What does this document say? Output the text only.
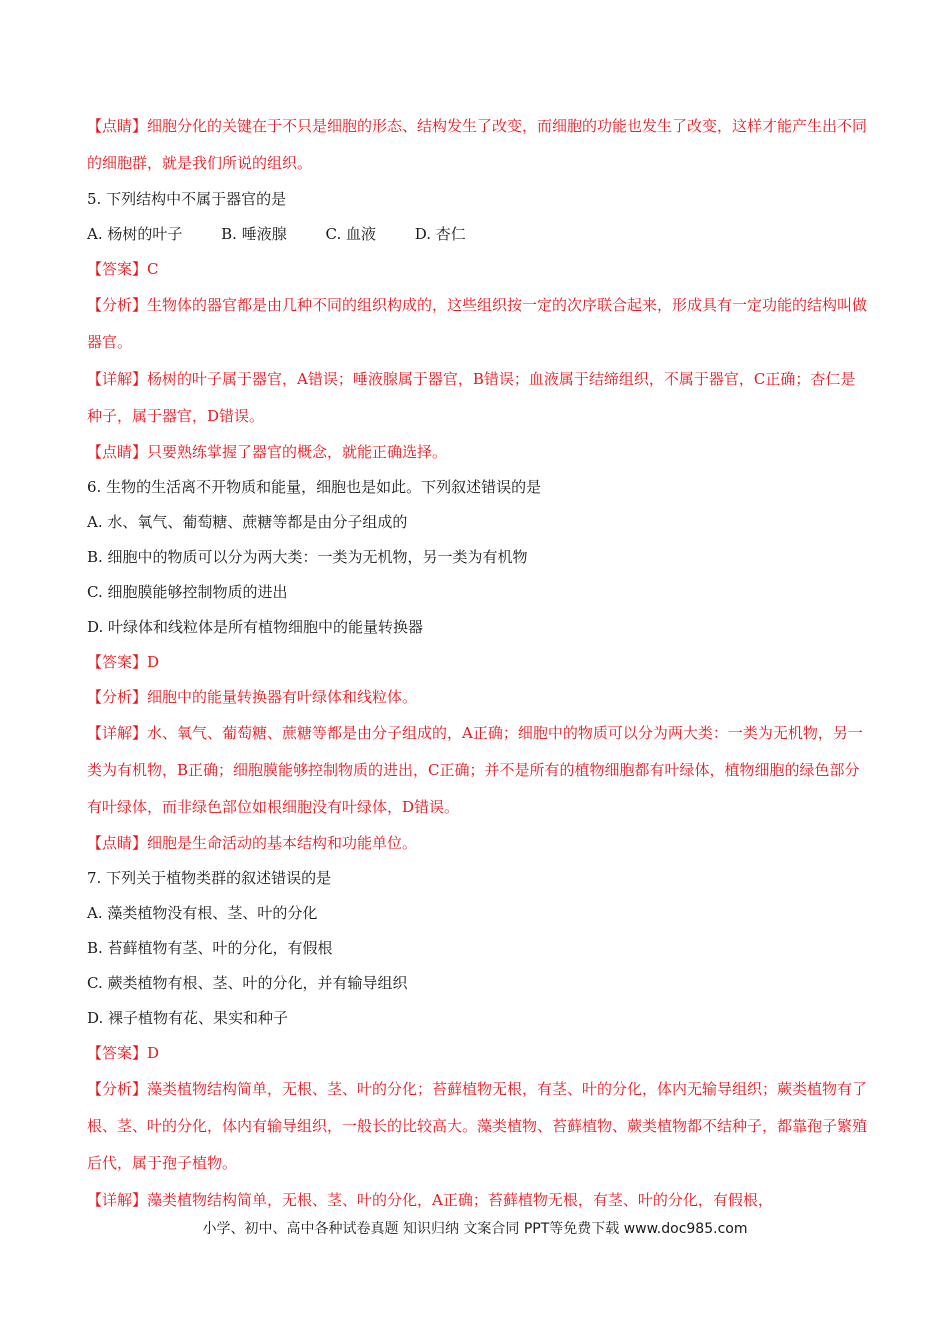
【点睛】细胞分化的关键在于不只是细胞的形态、结构发生了改变，而细胞的功能也发生了改变，这样才能产生出不同的细胞群，就是我们所说的组织。
5. 下列结构中不属于器官的是
A. 杨树的叶子	B. 唾液腺	C. 血液	D. 杏仁
【答案】C
【分析】生物体的器官都是由几种不同的组织构成的，这些组织按一定的次序联合起来，形成具有一定功能的结构叫做器官。
【详解】杨树的叶子属于器官，A错误；唾液腺属于器官，B错误；血液属于结缔组织，不属于器官，C正确；杏仁是种子，属于器官，D错误。
【点睛】只要熟练掌握了器官的概念，就能正确选择。
6. 生物的生活离不开物质和能量，细胞也是如此。下列叙述错误的是
A. 水、氧气、葡萄糖、蔗糖等都是由分子组成的
B. 细胞中的物质可以分为两大类：一类为无机物，另一类为有机物
C. 细胞膜能够控制物质的进出
D. 叶绿体和线粒体是所有植物细胞中的能量转换器
【答案】D
【分析】细胞中的能量转换器有叶绿体和线粒体。
【详解】水、氧气、葡萄糖、蔗糖等都是由分子组成的，A正确；细胞中的物质可以分为两大类：一类为无机物，另一类为有机物，B正确；细胞膜能够控制物质的进出，C正确；并不是所有的植物细胞都有叶绿体，植物细胞的绿色部分有叶绿体，而非绿色部位如根细胞没有叶绿体，D错误。
【点睛】细胞是生命活动的基本结构和功能单位。
7. 下列关于植物类群的叙述错误的是
A. 藻类植物没有根、茎、叶的分化
B. 苔藓植物有茎、叶的分化，有假根
C. 蕨类植物有根、茎、叶的分化，并有输导组织
D. 裸子植物有花、果实和种子
【答案】D
【分析】藻类植物结构简单，无根、茎、叶的分化；苔藓植物无根，有茎、叶的分化，体内无输导组织；蕨类植物有了根、茎、叶的分化，体内有输导组织，一般长的比较高大。藻类植物、苔藓植物、蕨类植物都不结种子，都靠孢子繁殖后代，属于孢子植物。
【详解】藻类植物结构简单，无根、茎、叶的分化，A正确；苔藓植物无根，有茎、叶的分化，有假根，
小学、初中、高中各种试卷真题 知识归纳 文案合同 PPT等免费下载 www.doc985.com
